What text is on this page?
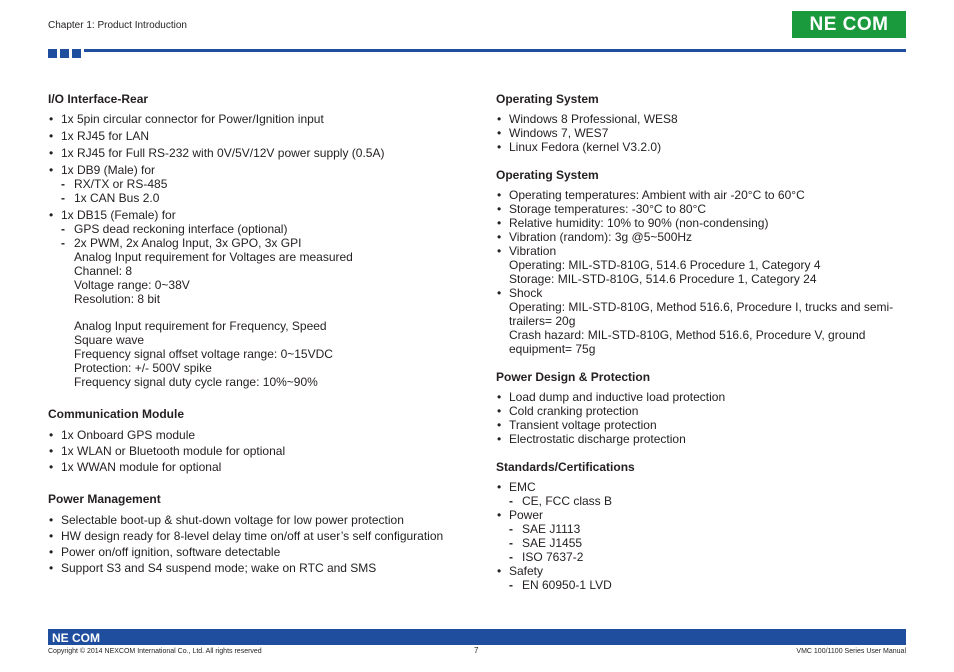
Chapter 1: Product Introduction	NE COM
I/O Interface-Rear
• 1x 5pin circular connector for Power/Ignition input
• 1x RJ45 for LAN
• 1x RJ45 for Full RS-232 with 0V/5V/12V power supply (0.5A)
• 1x DB9 (Male) for
- RX/TX or RS-485
- 1x CAN Bus 2.0
• 1x DB15 (Female) for
- GPS dead reckoning interface (optional)
- 2x PWM, 2x Analog Input, 3x GPO, 3x GPI
Analog Input requirement for Voltages are measured
Channel: 8
Voltage range: 0~38V
Resolution: 8 bit
Analog Input requirement for Frequency, Speed
Square wave
Frequency signal offset voltage range: 0~15VDC
Protection: +/- 500V spike
Frequency signal duty cycle range: 10%~90%
Communication Module
• 1x Onboard GPS module
• 1x WLAN or Bluetooth module for optional
• 1x WWAN module for optional
Power Management
• Selectable boot-up & shut-down voltage for low power protection
• HW design ready for 8-level delay time on/off at user’s self configuration
• Power on/off ignition, software detectable
• Support S3 and S4 suspend mode; wake on RTC and SMS
Operating System
• Windows 8 Professional, WES8
• Windows 7, WES7
• Linux Fedora (kernel V3.2.0)
Operating System
• Operating temperatures: Ambient with air -20°C to 60°C
• Storage temperatures: -30°C to 80°C
• Relative humidity: 10% to 90% (non-condensing)
• Vibration (random): 3g @5~500Hz
• Vibration
Operating: MIL-STD-810G, 514.6 Procedure 1, Category 4
Storage: MIL-STD-810G, 514.6 Procedure 1, Category 24
• Shock
Operating: MIL-STD-810G, Method 516.6, Procedure I, trucks and semi-trailers= 20g
Crash hazard: MIL-STD-810G, Method 516.6, Procedure V, ground equipment= 75g
Power Design & Protection
• Load dump and inductive load protection
• Cold cranking protection
• Transient voltage protection
• Electrostatic discharge protection
Standards/Certifications
• EMC
- CE, FCC class B
• Power
- SAE J1113
- SAE J1455
- ISO 7637-2
• Safety
- EN 60950-1 LVD
NE COM
Copyright © 2014 NEXCOM International Co., Ltd. All rights reserved	7	VMC 100/1100 Series User Manual
